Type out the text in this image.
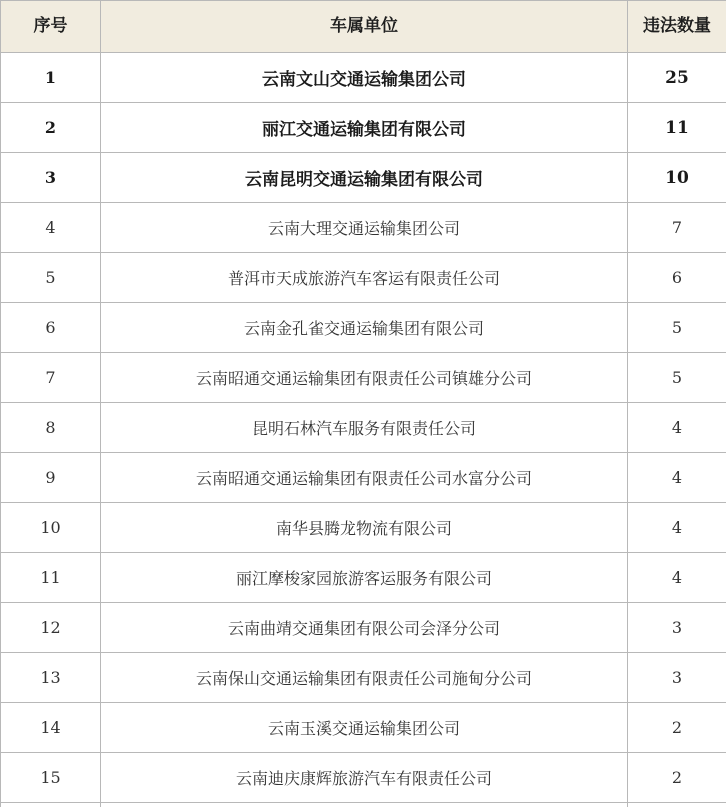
序号	车属单位	违法数量
1	云南文山交通运输集团公司	25
2	丽江交通运输集团有限公司	11
3	云南昆明交通运输集团有限公司	10
4	云南大理交通运输集团公司	7
5	普洱市天成旅游汽车客运有限责任公司	6
6	云南金孔雀交通运输集团有限公司	5
7	云南昭通交通运输集团有限责任公司镇雄分公司	5
8	昆明石林汽车服务有限责任公司	4
9	云南昭通交通运输集团有限责任公司水富分公司	4
10	南华县腾龙物流有限公司	4
11	丽江摩梭家园旅游客运服务有限公司	4
12	云南曲靖交通集团有限公司会泽分公司	3
13	云南保山交通运输集团有限责任公司施甸分公司	3
14	云南玉溪交通运输集团公司	2
15	云南迪庆康辉旅游汽车有限责任公司	2
